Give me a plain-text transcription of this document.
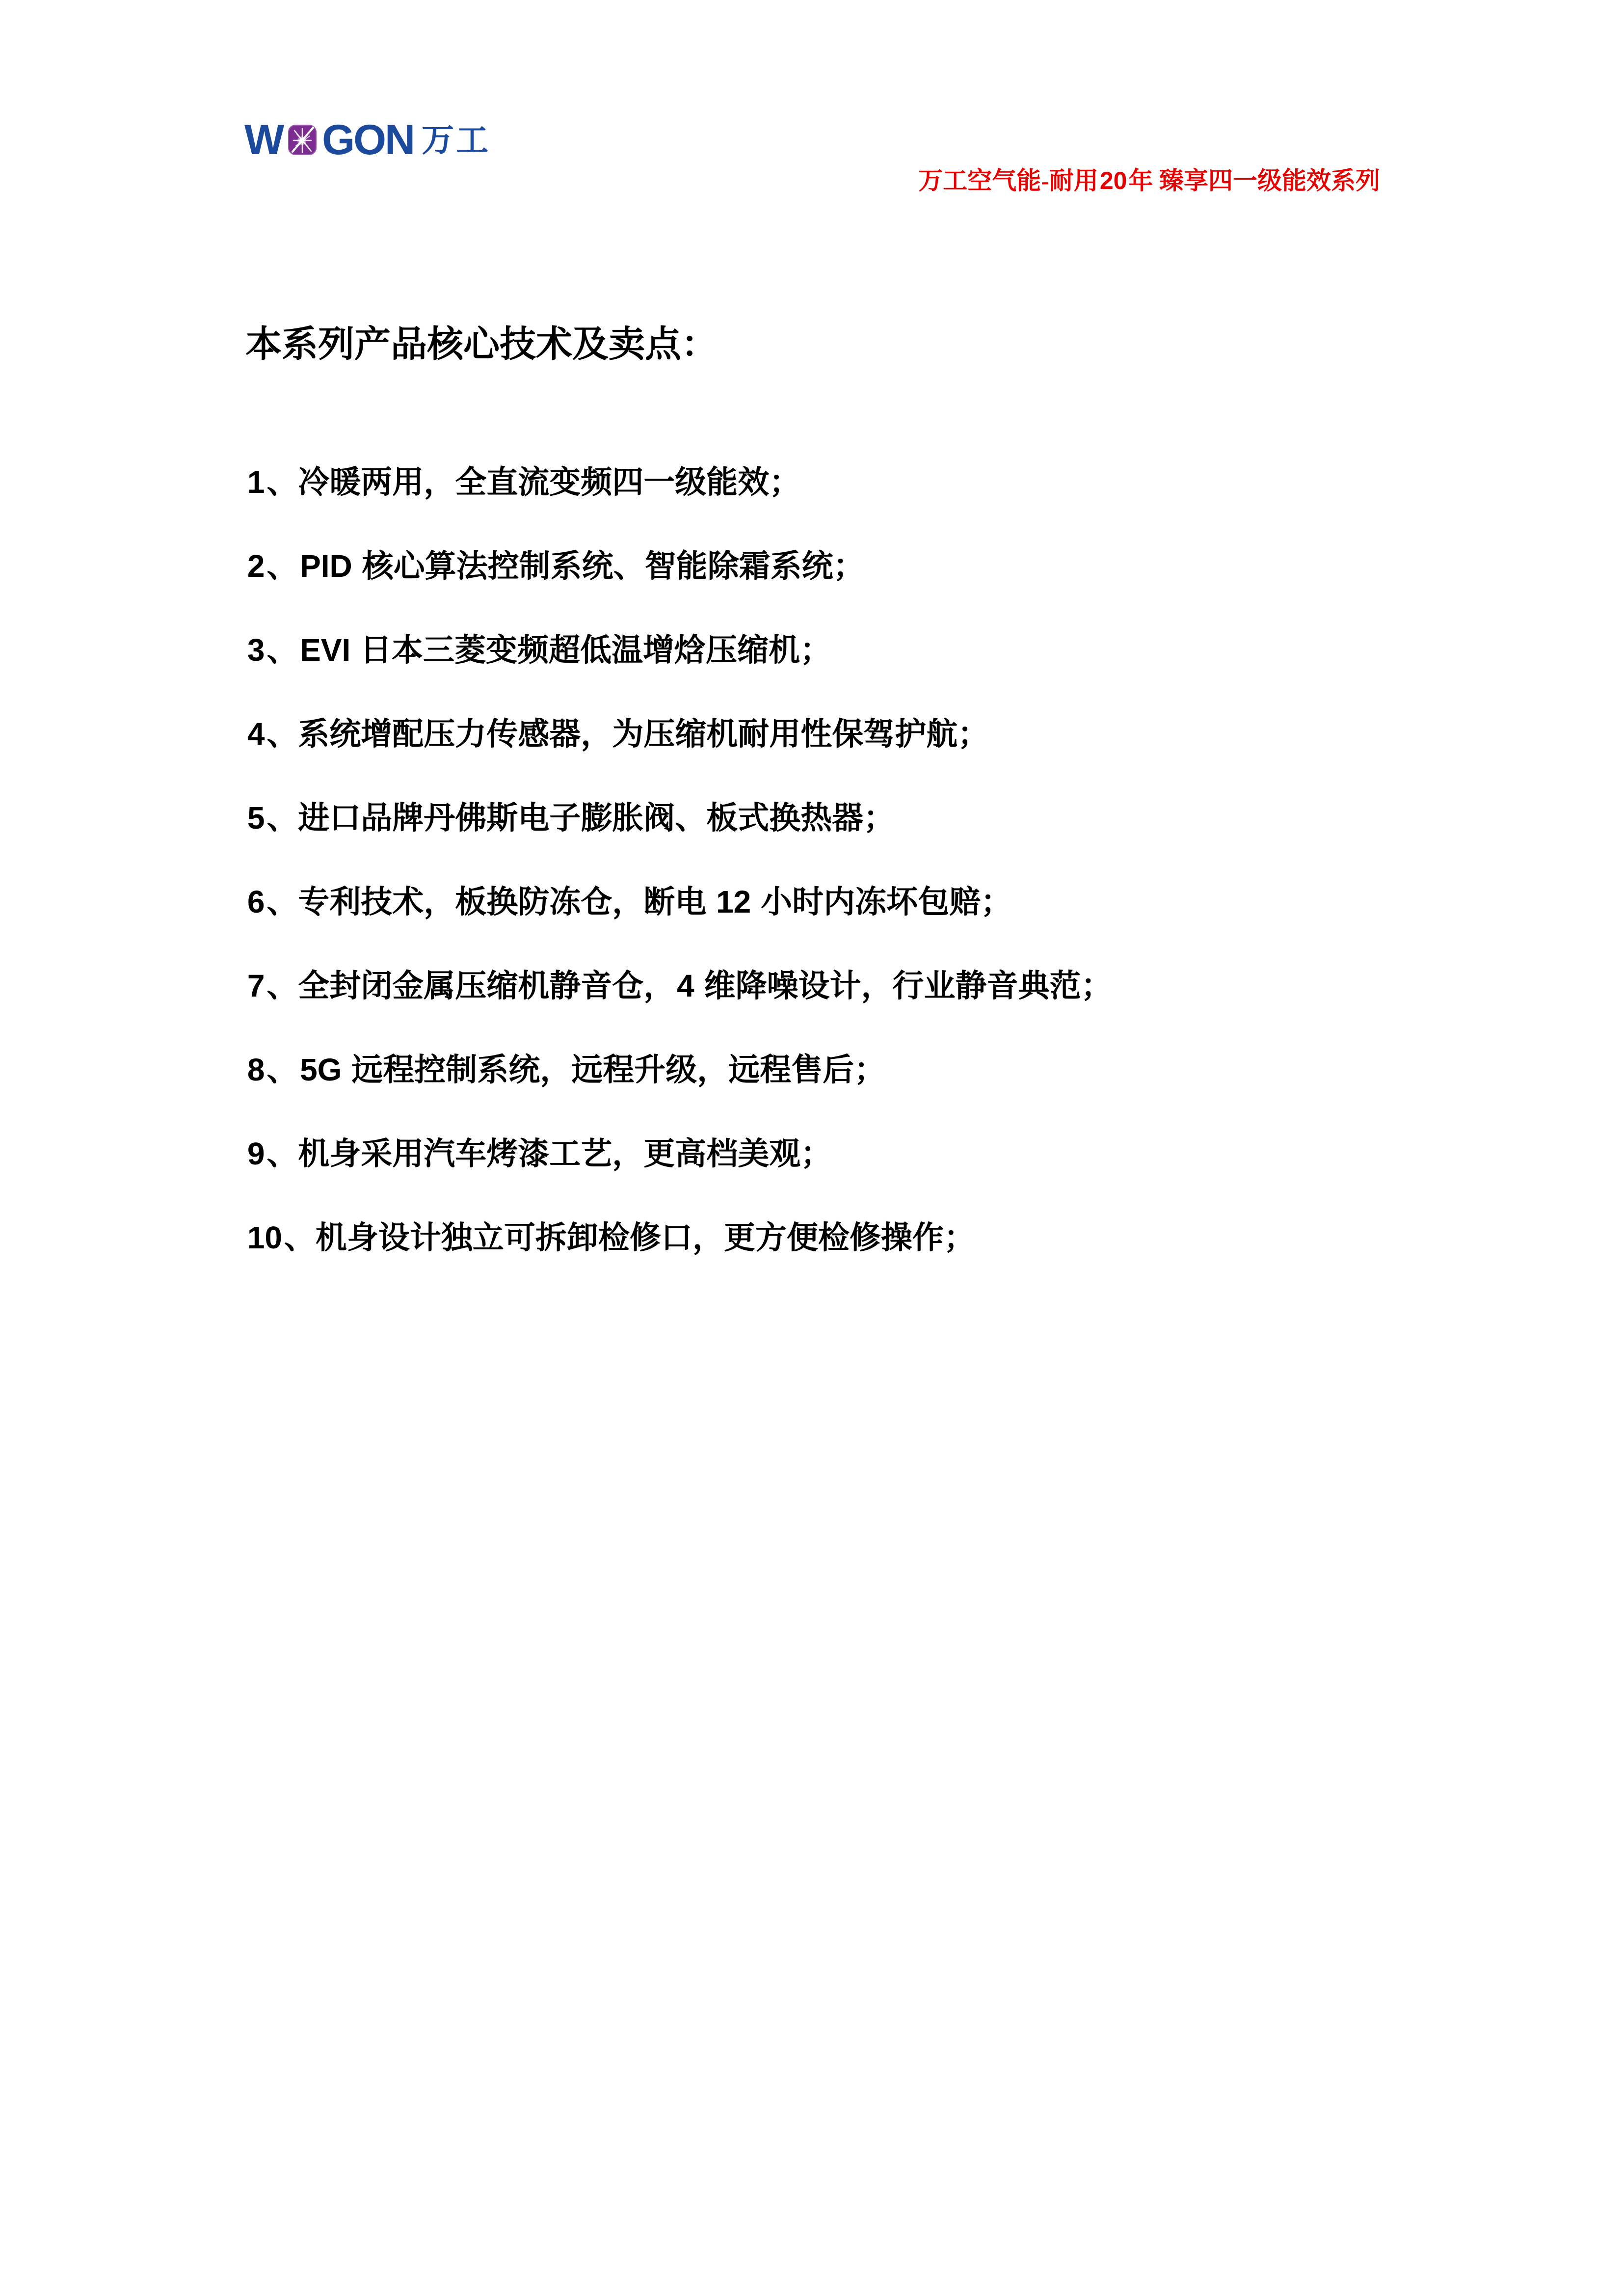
W GON 万工
万工空气能-耐用20年 臻享四一级能效系列
本系列产品核心技术及卖点：
1、冷暖两用，全直流变频四一级能效；
2、PID 核心算法控制系统、智能除霜系统；
3、EVI 日本三菱变频超低温增焓压缩机；
4、系统增配压力传感器，为压缩机耐用性保驾护航；
5、进口品牌丹佛斯电子膨胀阀、板式换热器；
6、专利技术，板换防冻仓，断电 12 小时内冻坏包赔；
7、全封闭金属压缩机静音仓，4 维降噪设计，行业静音典范；
8、5G 远程控制系统，远程升级，远程售后；
9、机身采用汽车烤漆工艺，更高档美观；
10、机身设计独立可拆卸检修口，更方便检修操作；
